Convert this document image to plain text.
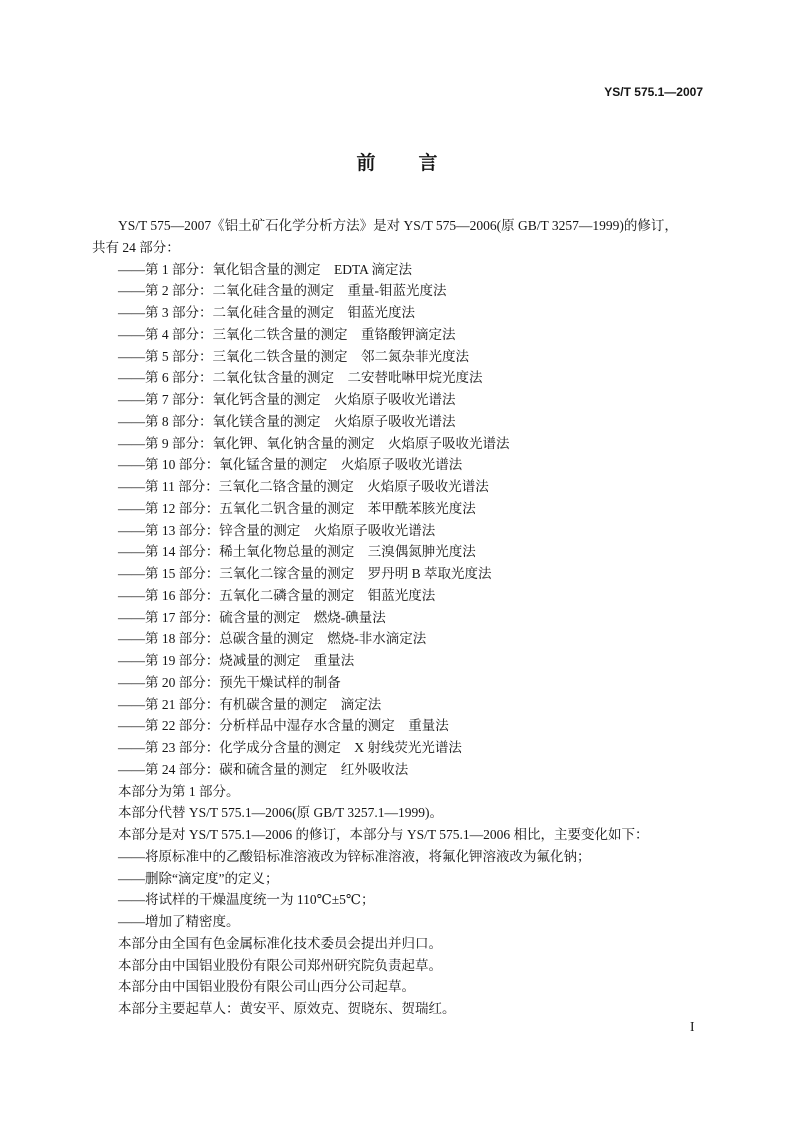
YS/T 575.1—2007
前　言
YS/T 575—2007《铝土矿石化学分析方法》是对 YS/T 575—2006(原 GB/T 3257—1999)的修订，
共有 24 部分：
——第 1 部分：氧化铝含量的测定　EDTA 滴定法
——第 2 部分：二氧化硅含量的测定　重量-钼蓝光度法
——第 3 部分：二氧化硅含量的测定　钼蓝光度法
——第 4 部分：三氧化二铁含量的测定　重铬酸钾滴定法
——第 5 部分：三氧化二铁含量的测定　邻二氮杂菲光度法
——第 6 部分：二氧化钛含量的测定　二安替吡啉甲烷光度法
——第 7 部分：氧化钙含量的测定　火焰原子吸收光谱法
——第 8 部分：氧化镁含量的测定　火焰原子吸收光谱法
——第 9 部分：氧化钾、氧化钠含量的测定　火焰原子吸收光谱法
——第 10 部分：氧化锰含量的测定　火焰原子吸收光谱法
——第 11 部分：三氧化二铬含量的测定　火焰原子吸收光谱法
——第 12 部分：五氧化二钒含量的测定　苯甲酰苯胲光度法
——第 13 部分：锌含量的测定　火焰原子吸收光谱法
——第 14 部分：稀土氧化物总量的测定　三溴偶氮胂光度法
——第 15 部分：三氧化二镓含量的测定　罗丹明 B 萃取光度法
——第 16 部分：五氧化二磷含量的测定　钼蓝光度法
——第 17 部分：硫含量的测定　燃烧-碘量法
——第 18 部分：总碳含量的测定　燃烧-非水滴定法
——第 19 部分：烧减量的测定　重量法
——第 20 部分：预先干燥试样的制备
——第 21 部分：有机碳含量的测定　滴定法
——第 22 部分：分析样品中湿存水含量的测定　重量法
——第 23 部分：化学成分含量的测定　X 射线荧光光谱法
——第 24 部分：碳和硫含量的测定　红外吸收法
本部分为第 1 部分。
本部分代替 YS/T 575.1—2006(原 GB/T 3257.1—1999)。
本部分是对 YS/T 575.1—2006 的修订，本部分与 YS/T 575.1—2006 相比，主要变化如下：
——将原标准中的乙酸铅标准溶液改为锌标准溶液，将氟化钾溶液改为氟化钠；
——删除“滴定度”的定义；
——将试样的干燥温度统一为 110℃±5℃；
——增加了精密度。
本部分由全国有色金属标准化技术委员会提出并归口。
本部分由中国铝业股份有限公司郑州研究院负责起草。
本部分由中国铝业股份有限公司山西分公司起草。
本部分主要起草人：黄安平、原效克、贺晓东、贺瑞红。
I
